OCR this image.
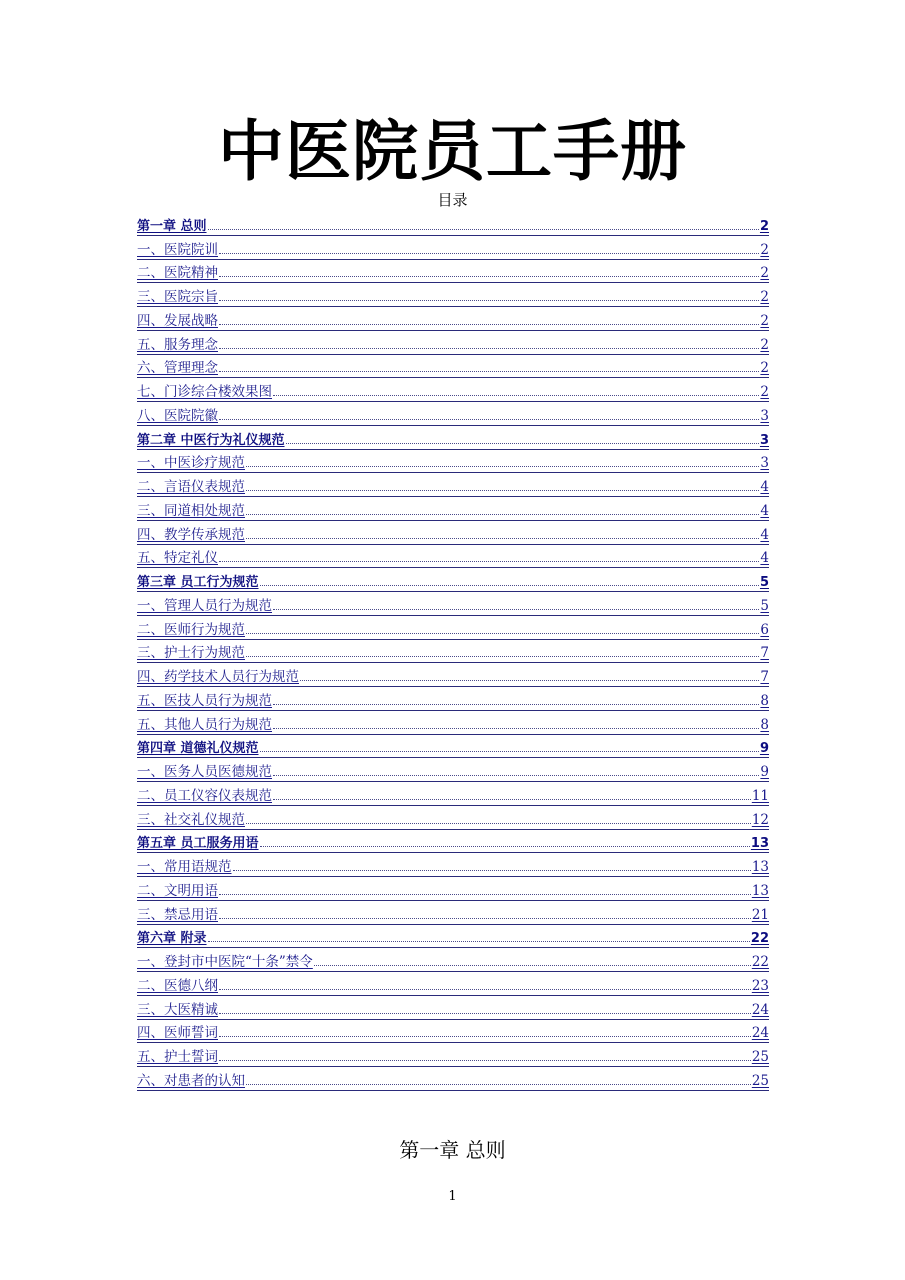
中医院员工手册
目录
第一章 总则	2
一、医院院训	2
二、医院精神	2
三、医院宗旨	2
四、发展战略	2
五、服务理念	2
六、管理理念	2
七、门诊综合楼效果图	2
八、医院院徽	3
第二章 中医行为礼仪规范	3
一、中医诊疗规范	3
二、言语仪表规范	4
三、同道相处规范	4
四、教学传承规范	4
五、特定礼仪	4
第三章 员工行为规范	5
一、管理人员行为规范	5
二、医师行为规范	6
三、护士行为规范	7
四、药学技术人员行为规范	7
五、医技人员行为规范	8
五、其他人员行为规范	8
第四章 道德礼仪规范	9
一、医务人员医德规范	9
二、员工仪容仪表规范	11
三、社交礼仪规范	12
第五章 员工服务用语	13
一、常用语规范	13
二、文明用语	13
三、禁忌用语	21
第六章 附录	22
一、登封市中医院“十条”禁令	22
二、医德八纲	23
三、大医精诚	24
四、医师誓词	24
五、护士誓词	25
六、对患者的认知	25
第一章 总则
1
